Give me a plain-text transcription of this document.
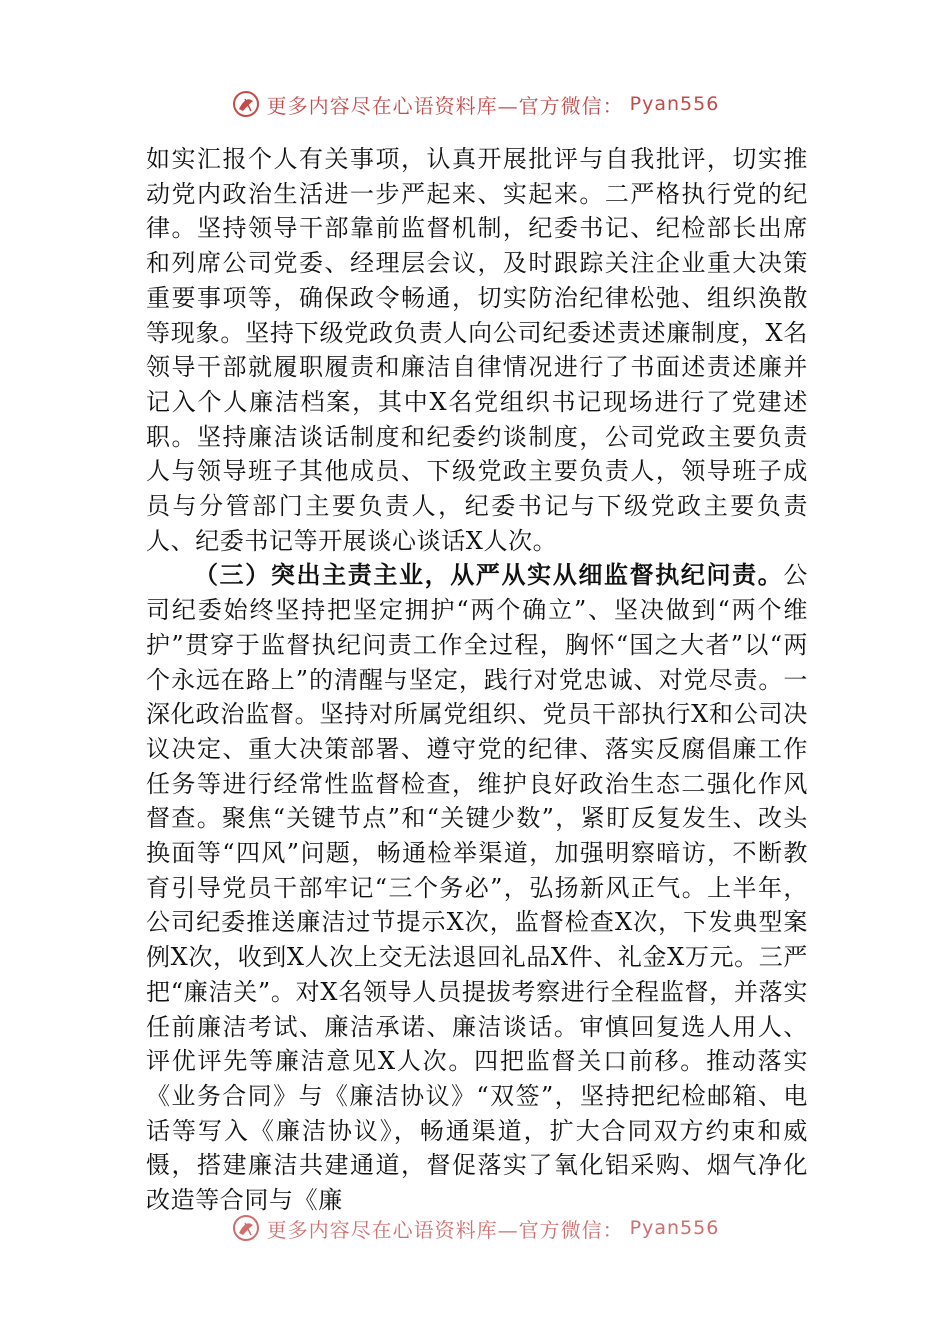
更多内容尽在心语资料库—官方微信： Pyan556

如实汇报个人有关事项，认真开展批评与自我批评，切实推动党内政治生活进一步严起来、实起来。二严格执行党的纪律。坚持领导干部靠前监督机制，纪委书记、纪检部长出席和列席公司党委、经理层会议，及时跟踪关注企业重大决策重要事项等，确保政令畅通，切实防治纪律松弛、组织涣散等现象。坚持下级党政负责人向公司纪委述责述廉制度，X名领导干部就履职履责和廉洁自律情况进行了书面述责述廉并记入个人廉洁档案，其中X名党组织书记现场进行了党建述职。坚持廉洁谈话制度和纪委约谈制度，公司党政主要负责人与领导班子其他成员、下级党政主要负责人，领导班子成员与分管部门主要负责人，纪委书记与下级党政主要负责人、纪委书记等开展谈心谈话X人次。

（三）突出主责主业，从严从实从细监督执纪问责。公司纪委始终坚持把坚定拥护“两个确立”、坚决做到“两个维护”贯穿于监督执纪问责工作全过程，胸怀“国之大者”以“两个永远在路上”的清醒与坚定，践行对党忠诚、对党尽责。一深化政治监督。坚持对所属党组织、党员干部执行X和公司决议决定、重大决策部署、遵守党的纪律、落实反腐倡廉工作任务等进行经常性监督检查，维护良好政治生态二强化作风督查。聚焦“关键节点”和“关键少数”，紧盯反复发生、改头换面等“四风”问题，畅通检举渠道，加强明察暗访，不断教育引导党员干部牢记“三个务必”，弘扬新风正气。上半年，公司纪委推送廉洁过节提示X次，监督检查X次，下发典型案例X次，收到X人次上交无法退回礼品X件、礼金X万元。三严把“廉洁关”。对X名领导人员提拔考察进行全程监督，并落实任前廉洁考试、廉洁承诺、廉洁谈话。审慎回复选人用人、评优评先等廉洁意见X人次。四把监督关口前移。推动落实《业务合同》与《廉洁协议》“双签”，坚持把纪检邮箱、电话等写入《廉洁协议》，畅通渠道，扩大合同双方约束和威慑，搭建廉洁共建通道，督促落实了氧化铝采购、烟气净化改造等合同与《廉

更多内容尽在心语资料库—官方微信： Pyan556
